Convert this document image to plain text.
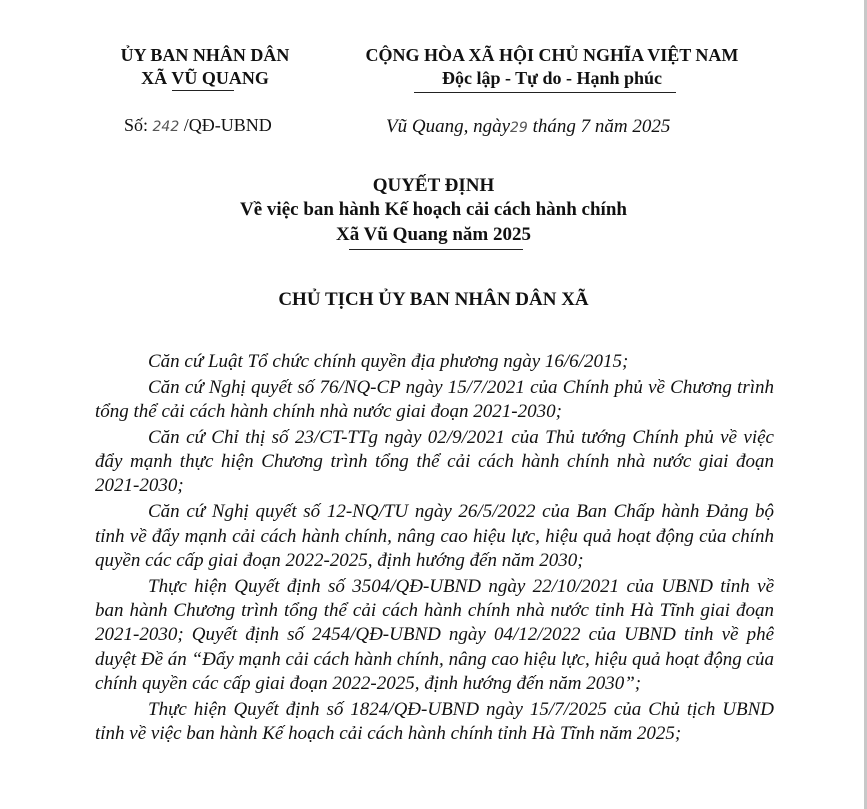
ỦY BAN NHÂN DÂN
XÃ VŨ QUANG
CỘNG HÒA XÃ HỘI CHỦ NGHĨA VIỆT NAM
Độc lập - Tự do - Hạnh phúc
Số: 242 /QĐ-UBND	Vũ Quang, ngày29 tháng 7 năm 2025
QUYẾT ĐỊNH
Về việc ban hành Kế hoạch cải cách hành chính
Xã Vũ Quang năm 2025
CHỦ TỊCH ỦY BAN NHÂN DÂN XÃ

Căn cứ Luật Tổ chức chính quyền địa phương ngày 16/6/2015;

Căn cứ Nghị quyết số 76/NQ-CP ngày 15/7/2021 của Chính phủ về Chương trình tổng thể cải cách hành chính nhà nước giai đoạn 2021-2030;

Căn cứ Chỉ thị số 23/CT-TTg ngày 02/9/2021 của Thủ tướng Chính phủ về việc đẩy mạnh thực hiện Chương trình tổng thể cải cách hành chính nhà nước giai đoạn 2021-2030;

Căn cứ Nghị quyết số 12-NQ/TU ngày 26/5/2022 của Ban Chấp hành Đảng bộ tỉnh về đẩy mạnh cải cách hành chính, nâng cao hiệu lực, hiệu quả hoạt động của chính quyền các cấp giai đoạn 2022-2025, định hướng đến năm 2030;

Thực hiện Quyết định số 3504/QĐ-UBND ngày 22/10/2021 của UBND tỉnh về ban hành Chương trình tổng thể cải cách hành chính nhà nước tỉnh Hà Tĩnh giai đoạn 2021-2030; Quyết định số 2454/QĐ-UBND ngày 04/12/2022 của UBND tỉnh về phê duyệt Đề án “Đẩy mạnh cải cách hành chính, nâng cao hiệu lực, hiệu quả hoạt động của chính quyền các cấp giai đoạn 2022-2025, định hướng đến năm 2030”;

Thực hiện Quyết định số 1824/QĐ-UBND ngày 15/7/2025 của Chủ tịch UBND tỉnh về việc ban hành Kế hoạch cải cách hành chính tỉnh Hà Tĩnh năm 2025;
